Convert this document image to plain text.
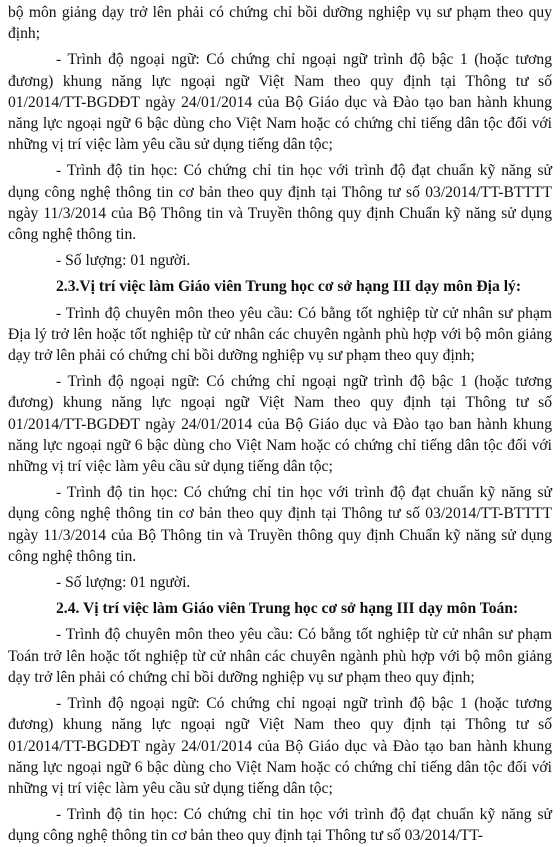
bộ môn giảng dạy trở lên phải có chứng chỉ bồi dưỡng nghiệp vụ sư phạm theo quy định;

- Trình độ ngoại ngữ: Có chứng chỉ ngoại ngữ trình độ bậc 1 (hoặc tương đương) khung năng lực ngoại ngữ Việt Nam theo quy định tại Thông tư số 01/2014/TT-BGDĐT ngày 24/01/2014 của Bộ Giáo dục và Đào tạo ban hành khung năng lực ngoại ngữ 6 bậc dùng cho Việt Nam hoặc có chứng chỉ tiếng dân tộc đối với những vị trí việc làm yêu cầu sử dụng tiếng dân tộc;

- Trình độ tin học: Có chứng chỉ tin học với trình độ đạt chuẩn kỹ năng sử dụng công nghệ thông tin cơ bản theo quy định tại Thông tư số 03/2014/TT-BTTTT ngày 11/3/2014 của Bộ Thông tin và Truyền thông quy định Chuẩn kỹ năng sử dụng công nghệ thông tin.

- Số lượng: 01 người.

2.3.Vị trí việc làm Giáo viên Trung học cơ sở hạng III dạy môn Địa lý:

- Trình độ chuyên môn theo yêu cầu: Có bằng tốt nghiệp từ cử nhân sư phạm Địa lý trở lên hoặc tốt nghiệp từ cử nhân các chuyên ngành phù hợp với bộ môn giảng dạy trở lên phải có chứng chỉ bồi dưỡng nghiệp vụ sư phạm theo quy định;

- Trình độ ngoại ngữ: Có chứng chỉ ngoại ngữ trình độ bậc 1 (hoặc tương đương) khung năng lực ngoại ngữ Việt Nam theo quy định tại Thông tư số 01/2014/TT-BGDĐT ngày 24/01/2014 của Bộ Giáo dục và Đào tạo ban hành khung năng lực ngoại ngữ 6 bậc dùng cho Việt Nam hoặc có chứng chỉ tiếng dân tộc đối với những vị trí việc làm yêu cầu sử dụng tiếng dân tộc;

- Trình độ tin học: Có chứng chỉ tin học với trình độ đạt chuẩn kỹ năng sử dụng công nghệ thông tin cơ bản theo quy định tại Thông tư số 03/2014/TT-BTTTT ngày 11/3/2014 của Bộ Thông tin và Truyền thông quy định Chuẩn kỹ năng sử dụng công nghệ thông tin.

- Số lượng: 01 người.

2.4. Vị trí việc làm Giáo viên Trung học cơ sở hạng III dạy môn Toán:

- Trình độ chuyên môn theo yêu cầu: Có bằng tốt nghiệp từ cử nhân sư phạm Toán trở lên hoặc tốt nghiệp từ cử nhân các chuyên ngành phù hợp với bộ môn giảng dạy trở lên phải có chứng chỉ bồi dưỡng nghiệp vụ sư phạm theo quy định;

- Trình độ ngoại ngữ: Có chứng chỉ ngoại ngữ trình độ bậc 1 (hoặc tương đương) khung năng lực ngoại ngữ Việt Nam theo quy định tại Thông tư số 01/2014/TT-BGDĐT ngày 24/01/2014 của Bộ Giáo dục và Đào tạo ban hành khung năng lực ngoại ngữ 6 bậc dùng cho Việt Nam hoặc có chứng chỉ tiếng dân tộc đối với những vị trí việc làm yêu cầu sử dụng tiếng dân tộc;

- Trình độ tin học: Có chứng chỉ tin học với trình độ đạt chuẩn kỹ năng sử dụng công nghệ thông tin cơ bản theo quy định tại Thông tư số 03/2014/TT-
